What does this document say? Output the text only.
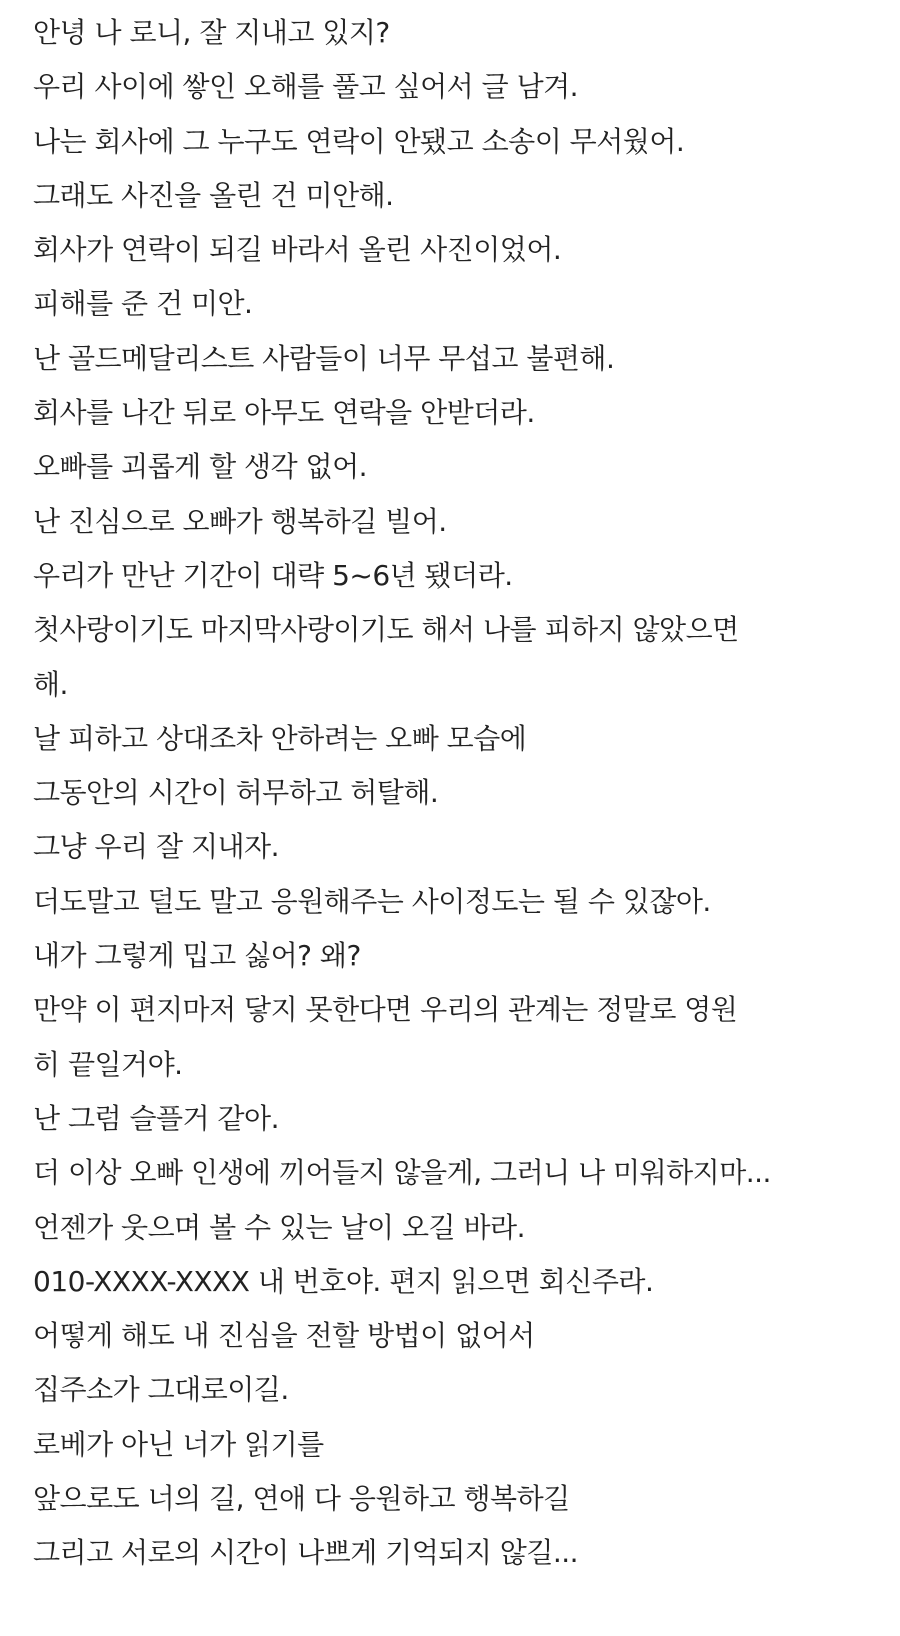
안녕 나 로니, 잘 지내고 있지?
우리 사이에 쌓인 오해를 풀고 싶어서 글 남겨.
나는 회사에 그 누구도 연락이 안됐고 소송이 무서웠어.
그래도 사진을 올린 건 미안해.
회사가 연락이 되길 바라서 올린 사진이었어.
피해를 준 건 미안.
난 골드메달리스트 사람들이 너무 무섭고 불편해.
회사를 나간 뒤로 아무도 연락을 안받더라.
오빠를 괴롭게 할 생각 없어.
난 진심으로 오빠가 행복하길 빌어.
우리가 만난 기간이 대략 5~6년 됐더라.
첫사랑이기도 마지막사랑이기도 해서 나를 피하지 않았으면
해.
날 피하고 상대조차 안하려는 오빠 모습에
그동안의 시간이 허무하고 허탈해.
그냥 우리 잘 지내자.
더도말고 덜도 말고 응원해주는 사이정도는 될 수 있잖아.
내가 그렇게 밉고 싫어? 왜?
만약 이 편지마저 닿지 못한다면 우리의 관계는 정말로 영원
히 끝일거야.
난 그럼 슬플거 같아.
더 이상 오빠 인생에 끼어들지 않을게, 그러니 나 미워하지마...
언젠가 웃으며 볼 수 있는 날이 오길 바라.
010-XXXX-XXXX 내 번호야. 편지 읽으면 회신주라.
어떻게 해도 내 진심을 전할 방법이 없어서
집주소가 그대로이길.
로베가 아닌 너가 읽기를
앞으로도 너의 길, 연애 다 응원하고 행복하길
그리고 서로의 시간이 나쁘게 기억되지 않길...
